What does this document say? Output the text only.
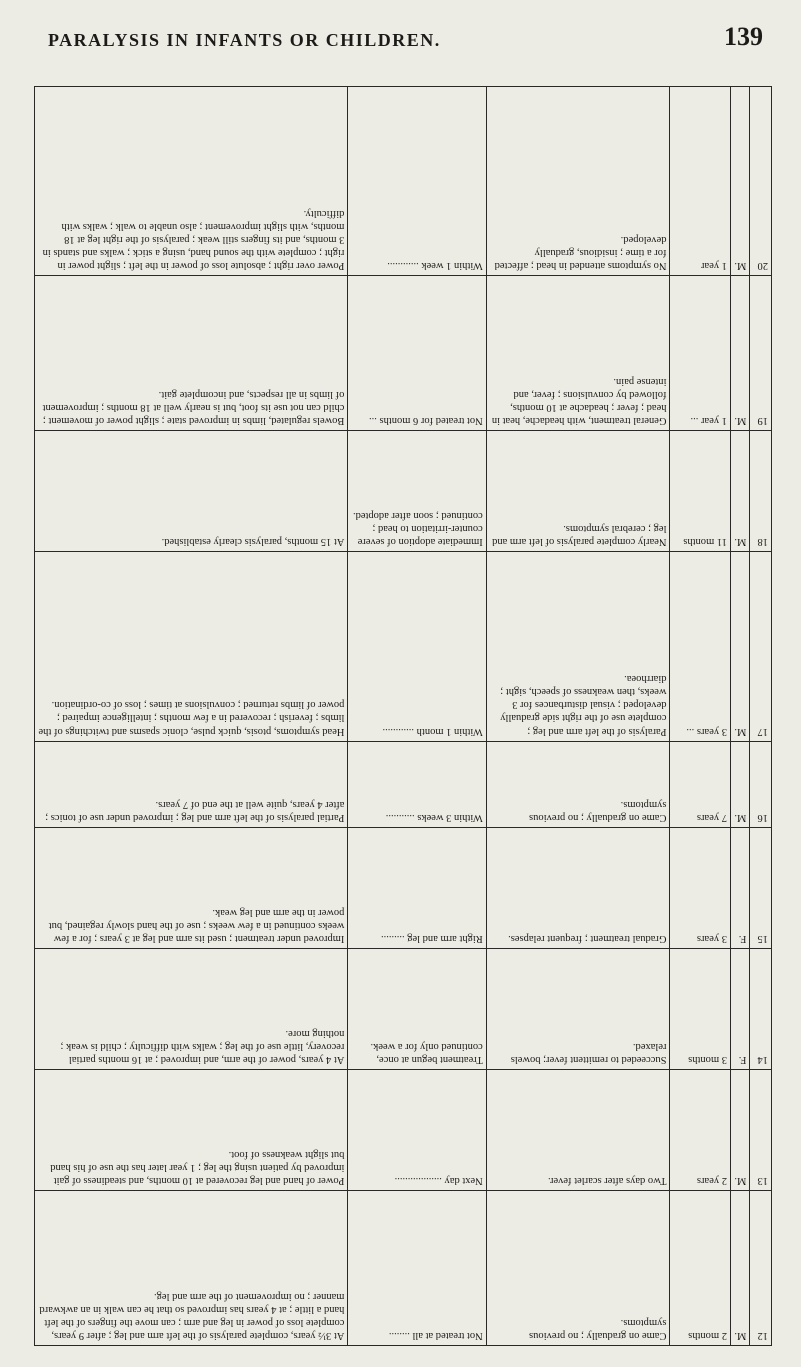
PARALYSIS IN INFANTS OR CHILDREN.	139
12	M.	2 months	Came on gradually ; no previous symptoms.	Not treated at all ........	At 3½ years, complete paralysis of the left arm and leg ; after 9 years, complete loss of power in leg and arm ; can move the fingers of the left hand a little ; at 4 years has improved so that he can walk in an awkward manner ; no improvement of the arm and leg.
13	M.	2 years	Two days after scarlet fever.	Next day ..................	Power of hand and leg recovered at 10 months, and steadiness of gait improved by patient using the leg ; 1 year later has the use of his hand but slight weakness of foot.
14	F.	3 months	Succeeded to remittent fever; bowels relaxed.	Treatment begun at once, continued only for a week.	At 4 years, power of the arm, and improved ; at 16 months partial recovery, little use of the leg ; walks with difficulty ; child is weak ; nothing more.
15	F.	3 years	Gradual treatment ; frequent relapses.	Right arm and leg .........	Improved under treatment ; used its arm and leg at 3 years ; for a few weeks continued in a few weeks ; use of the hand slowly regained, but power in the arm and leg weak.
16	M.	7 years	Came on gradually ; no previous symptoms.	Within 3 weeks ...........	Partial paralysis of the left arm and leg ; improved under use of tonics ; after 4 years, quite well at the end of 7 years.
17	M.	3 years ...	Paralysis of the left arm and leg ; complete use of the right side gradually developed ; visual disturbances for 3 weeks, then weakness of speech, sight ; diarrhoea.	Within 1 month ............	Head symptoms, ptosis, quick pulse, clonic spasms and twitchings of the limbs ; feverish ; recovered in a few months ; intelligence impaired ; power of limbs returned ; convulsions at times ; loss of co-ordination.
18	M.	11 months	Nearly complete paralysis of left arm and leg ; cerebral symptoms.	Immediate adoption of severe counter-irritation to head ; continued ; soon after adopted.	At 15 months, paralysis clearly established.
19	M.	1 year ...	General treatment, with headache, heat in head ; fever ; headache at 10 months, followed by convulsions ; fever, and intense pain.	Not treated for 6 months ...	Bowels regulated, limbs in improved state ; slight power of movement ; child can not use its foot, but is nearly well at 18 months ; improvement of limbs in all respects, and incomplete gait.
20	M.	1 year	No symptoms attended in head ; affected for a time ; insidious, gradually developed.	Within 1 week ............	Power over right ; absolute loss of power in the left ; slight power in right ; complete with the sound hand, using a stick ; walks and stands in 3 months, and its fingers still weak ; paralysis of the right leg at 18 months, with slight improvement ; also unable to walk ; walks with difficulty.
